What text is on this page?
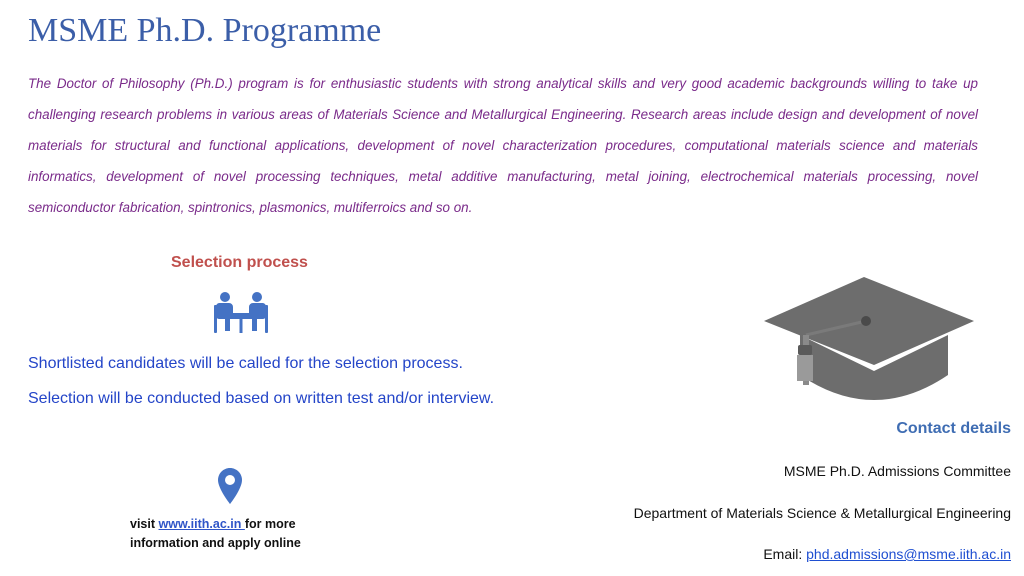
MSME Ph.D. Programme

The Doctor of Philosophy (Ph.D.) program is for enthusiastic students with strong analytical skills and very good academic backgrounds willing to take up challenging research problems in various areas of Materials Science and Metallurgical Engineering. Research areas include design and development of novel materials for structural and functional applications, development of novel characterization procedures, computational materials science and materials informatics, development of novel processing techniques, metal additive manufacturing, metal joining, electrochemical materials processing, novel semiconductor fabrication, spintronics, plasmonics, multiferroics and so on.

Selection process

Shortlisted candidates will be called for the selection process.

Selection will be conducted based on written test and/or interview.

Contact details

MSME Ph.D. Admissions Committee

Department of Materials Science & Metallurgical Engineering

Email: phd.admissions@msme.iith.ac.in

visit www.iith.ac.in for more information and apply online
